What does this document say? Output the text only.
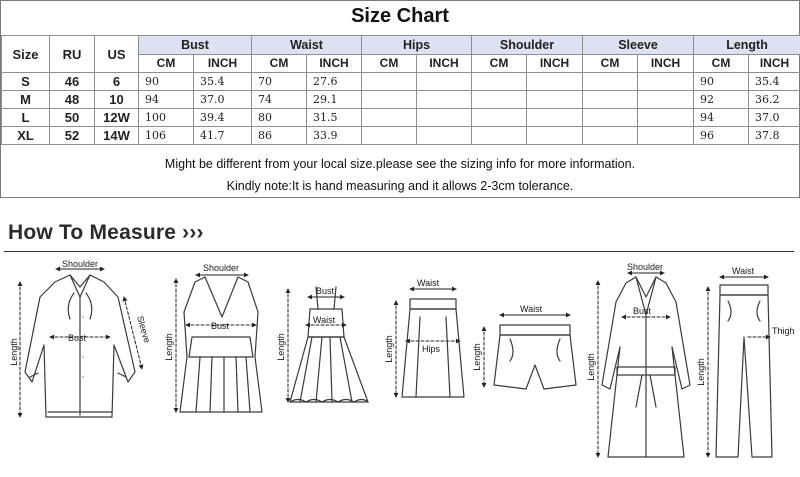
Size Chart
Size	RU	US	Bust		Waist		Hips		Shoulder		Sleeve		Length	
			CM	INCH	CM	INCH	CM	INCH	CM	INCH	CM	INCH	CM	INCH
S	46	6	90	35.4	70	27.6							90	35.4
M	48	10	94	37.0	74	29.1							92	36.2
L	50	12W	100	39.4	80	31.5							94	37.0
XL	52	14W	106	41.7	86	33.9							96	37.8
Might be different from your local size.please see the sizing info for more information.
Kindly note:It is hand measuring and it allows 2-3cm tolerance.
How To Measure ›››
Shoulder
Bust
Length
Sleeve
Shoulder
Bust
Length
Bust
Waist
Length
Waist
Hips
Length
Waist
Length
Shoulder
Bust
Length
Waist
Thigh
Length
